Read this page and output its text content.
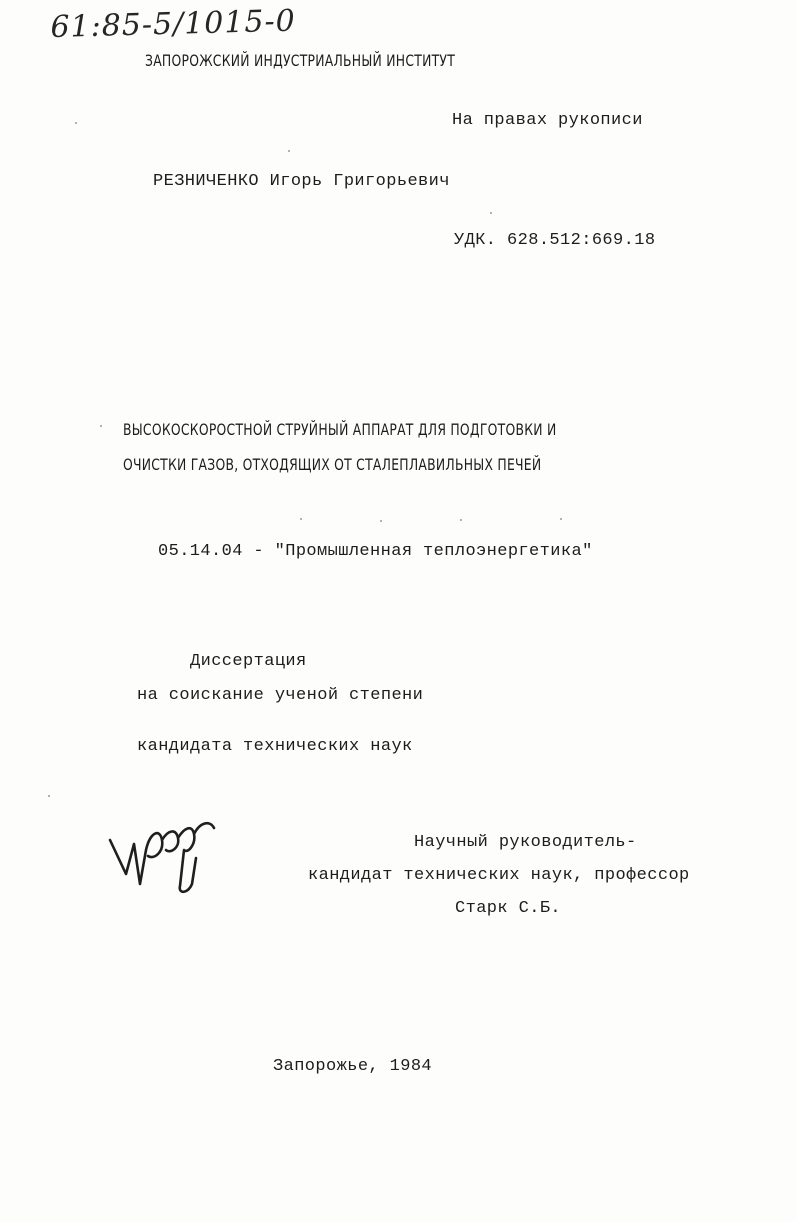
61:85-5/1015-0
ЗАПОРОЖСКИЙ ИНДУСТРИАЛЬНЫЙ ИНСТИТУТ
На правах рукописи
РЕЗНИЧЕНКО Игорь Григорьевич
УДК. 628.512:669.18
ВЫСОКОСКОРОСТНОЙ СТРУЙНЫЙ АППАРАТ ДЛЯ ПОДГОТОВКИ И
ОЧИСТКИ ГАЗОВ, ОТХОДЯЩИХ ОТ СТАЛЕПЛАВИЛЬНЫХ ПЕЧЕЙ
05.14.04 - "Промышленная теплоэнергетика"
Диссертация
на соискание ученой степени
кандидата технических наук
Научный руководитель-
кандидат технических наук, профессор
Старк С.Б.
Запорожье, 1984
